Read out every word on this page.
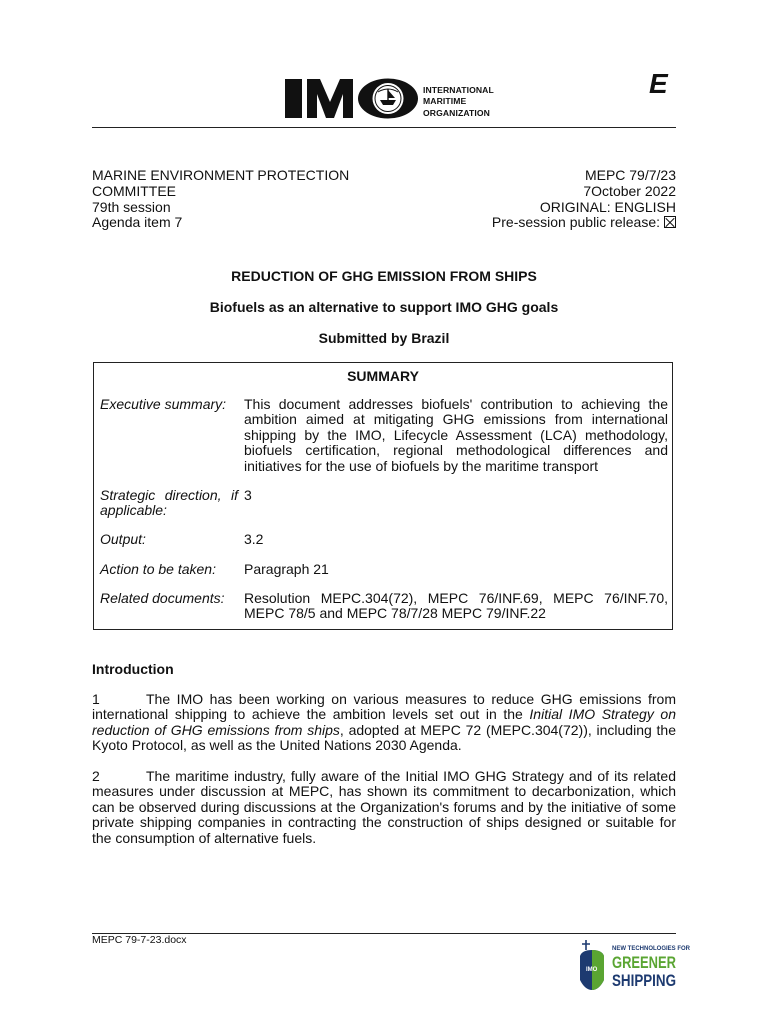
INTERNATIONAL
MARITIME
ORGANIZATION
E
MARINE ENVIRONMENT PROTECTION
COMMITTEE
79th session
Agenda item 7
MEPC 79/7/23
7October 2022
ORIGINAL: ENGLISH
Pre-session public release:
REDUCTION OF GHG EMISSION FROM SHIPS
Biofuels as an alternative to support IMO GHG goals
Submitted by Brazil
SUMMARY
Executive summary:	This document addresses biofuels' contribution to achieving the ambition aimed at mitigating GHG emissions from international shipping by the IMO, Lifecycle Assessment (LCA) methodology, biofuels certification, regional methodological differences and initiatives for the use of biofuels by the maritime transport
Strategic direction, if applicable:
3
Output:	3.2
Action to be taken:	Paragraph 21
Related documents:	Resolution MEPC.304(72), MEPC 76/INF.69, MEPC 76/INF.70, MEPC 78/5 and MEPC 78/7/28 MEPC 79/INF.22
Introduction
1	The IMO has been working on various measures to reduce GHG emissions from international shipping to achieve the ambition levels set out in the Initial IMO Strategy on reduction of GHG emissions from ships, adopted at MEPC 72 (MEPC.304(72)), including the Kyoto Protocol, as well as the United Nations 2030 Agenda.
2	The maritime industry, fully aware of the Initial IMO GHG Strategy and of its related measures under discussion at MEPC, has shown its commitment to decarbonization, which can be observed during discussions at the Organization's forums and by the initiative of some private shipping companies in contracting the construction of ships designed or suitable for the consumption of alternative fuels.
MEPC 79-7-23.docx
IMO
NEW TECHNOLOGIES FOR
GREENER
SHIPPING
